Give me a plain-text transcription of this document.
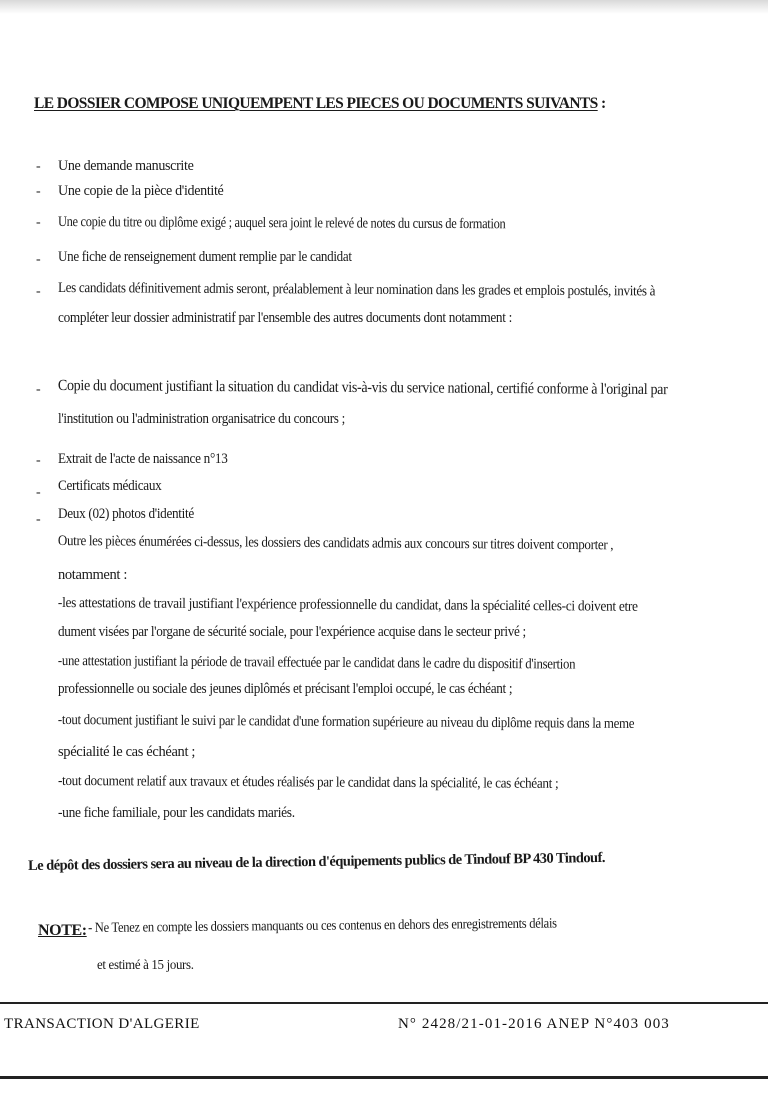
LE DOSSIER COMPOSE UNIQUEMPENT LES PIECES OU DOCUMENTS SUIVANTS :
- Une demande manuscrite
- Une copie de la pièce d'identité
- Une copie du titre ou diplôme exigé ; auquel sera joint le relevé de notes du cursus de formation
- Une fiche de renseignement dument remplie par le candidat
- Les candidats définitivement admis seront, préalablement à leur nomination dans les grades et emplois postulés, invités à
compléter leur dossier administratif par l'ensemble des autres documents dont notamment :
- Copie du document justifiant la situation du candidat vis-à-vis du service national, certifié conforme à l'original par
l'institution ou l'administration organisatrice du concours ;
- Extrait de l'acte de naissance n°13
- Certificats médicaux
- Deux (02) photos d'identité
Outre les pièces énumérées ci-dessus, les dossiers des candidats admis aux concours sur titres doivent comporter ,
notamment :
-les attestations de travail justifiant l'expérience professionnelle du candidat, dans la spécialité celles-ci doivent etre
dument visées par l'organe de sécurité sociale, pour l'expérience acquise dans le secteur privé ;
-une attestation justifiant la période de travail effectuée par le candidat dans le cadre du dispositif d'insertion
professionnelle ou sociale des jeunes diplômés et précisant l'emploi occupé, le cas échéant ;
-tout document justifiant le suivi par le candidat d'une formation supérieure au niveau du diplôme requis dans la meme
spécialité le cas échéant ;
-tout document relatif aux travaux et études réalisés par le candidat dans la spécialité, le cas échéant ;
-une fiche familiale, pour les candidats mariés.
Le dépôt des dossiers sera au niveau de la direction d'équipements publics de Tindouf BP 430 Tindouf.
NOTE: - Ne Tenez en compte les dossiers manquants ou ces contenus en dehors des enregistrements délais
et estimé à 15 jours.
TRANSACTION D'ALGERIE	N° 2428/21-01-2016 ANEP N°403 003
